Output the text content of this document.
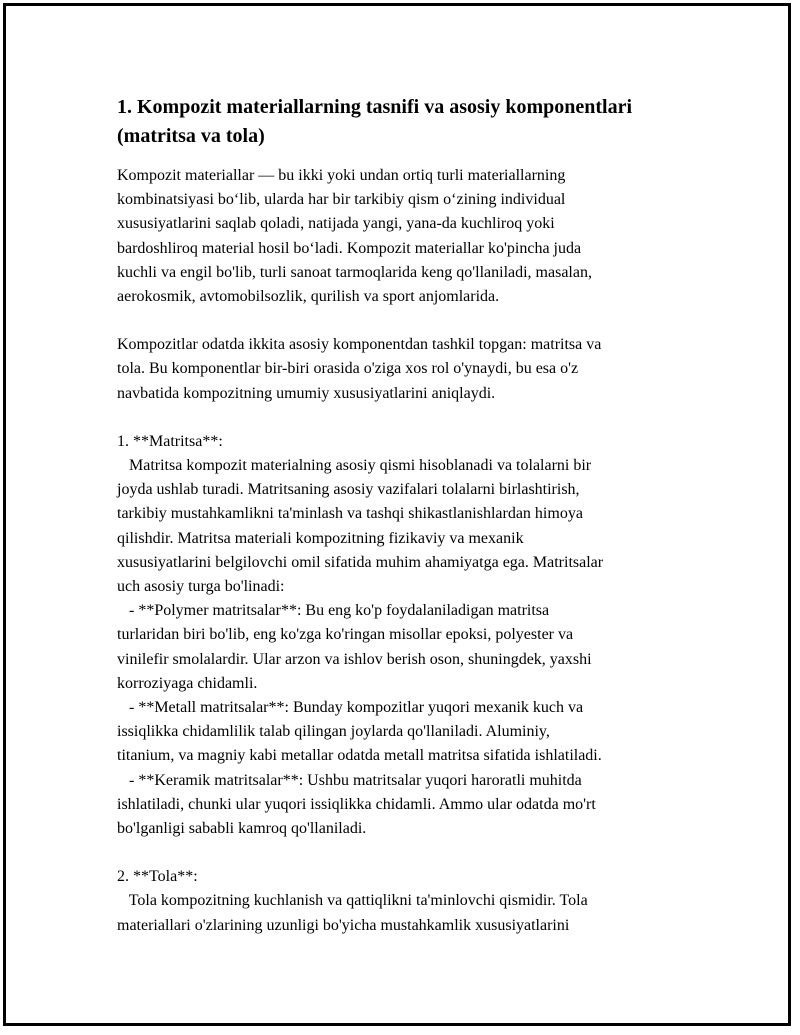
1. Kompozit materiallarning tasnifi va asosiy komponentlari
(matritsa va tola)

Kompozit materiallar — bu ikki yoki undan ortiq turli materiallarning
kombinatsiyasi bo‘lib, ularda har bir tarkibiy qism o‘zining individual
xususiyatlarini saqlab qoladi, natijada yangi, yana-da kuchliroq yoki
bardoshliroq material hosil bo‘ladi. Kompozit materiallar ko'pincha juda
kuchli va engil bo'lib, turli sanoat tarmoqlarida keng qo'llaniladi, masalan,
aerokosmik, avtomobilsozlik, qurilish va sport anjomlarida.

Kompozitlar odatda ikkita asosiy komponentdan tashkil topgan: matritsa va
tola. Bu komponentlar bir-biri orasida o'ziga xos rol o'ynaydi, bu esa o'z
navbatida kompozitning umumiy xususiyatlarini aniqlaydi.

1. **Matritsa**:
Matritsa kompozit materialning asosiy qismi hisoblanadi va tolalarni bir
joyda ushlab turadi. Matritsaning asosiy vazifalari tolalarni birlashtirish,
tarkibiy mustahkamlikni ta'minlash va tashqi shikastlanishlardan himoya
qilishdir. Matritsa materiali kompozitning fizikaviy va mexanik
xususiyatlarini belgilovchi omil sifatida muhim ahamiyatga ega. Matritsalar
uch asosiy turga bo'linadi:
- **Polymer matritsalar**: Bu eng ko'p foydalaniladigan matritsa
turlaridan biri bo'lib, eng ko'zga ko'ringan misollar epoksi, polyester va
vinilefir smolalardir. Ular arzon va ishlov berish oson, shuningdek, yaxshi
korroziyaga chidamli.
- **Metall matritsalar**: Bunday kompozitlar yuqori mexanik kuch va
issiqlikka chidamlilik talab qilingan joylarda qo'llaniladi. Aluminiy,
titanium, va magniy kabi metallar odatda metall matritsa sifatida ishlatiladi.
- **Keramik matritsalar**: Ushbu matritsalar yuqori haroratli muhitda
ishlatiladi, chunki ular yuqori issiqlikka chidamli. Ammo ular odatda mo'rt
bo'lganligi sababli kamroq qo'llaniladi.

2. **Tola**:
Tola kompozitning kuchlanish va qattiqlikni ta'minlovchi qismidir. Tola
materiallari o'zlarining uzunligi bo'yicha mustahkamlik xususiyatlarini
